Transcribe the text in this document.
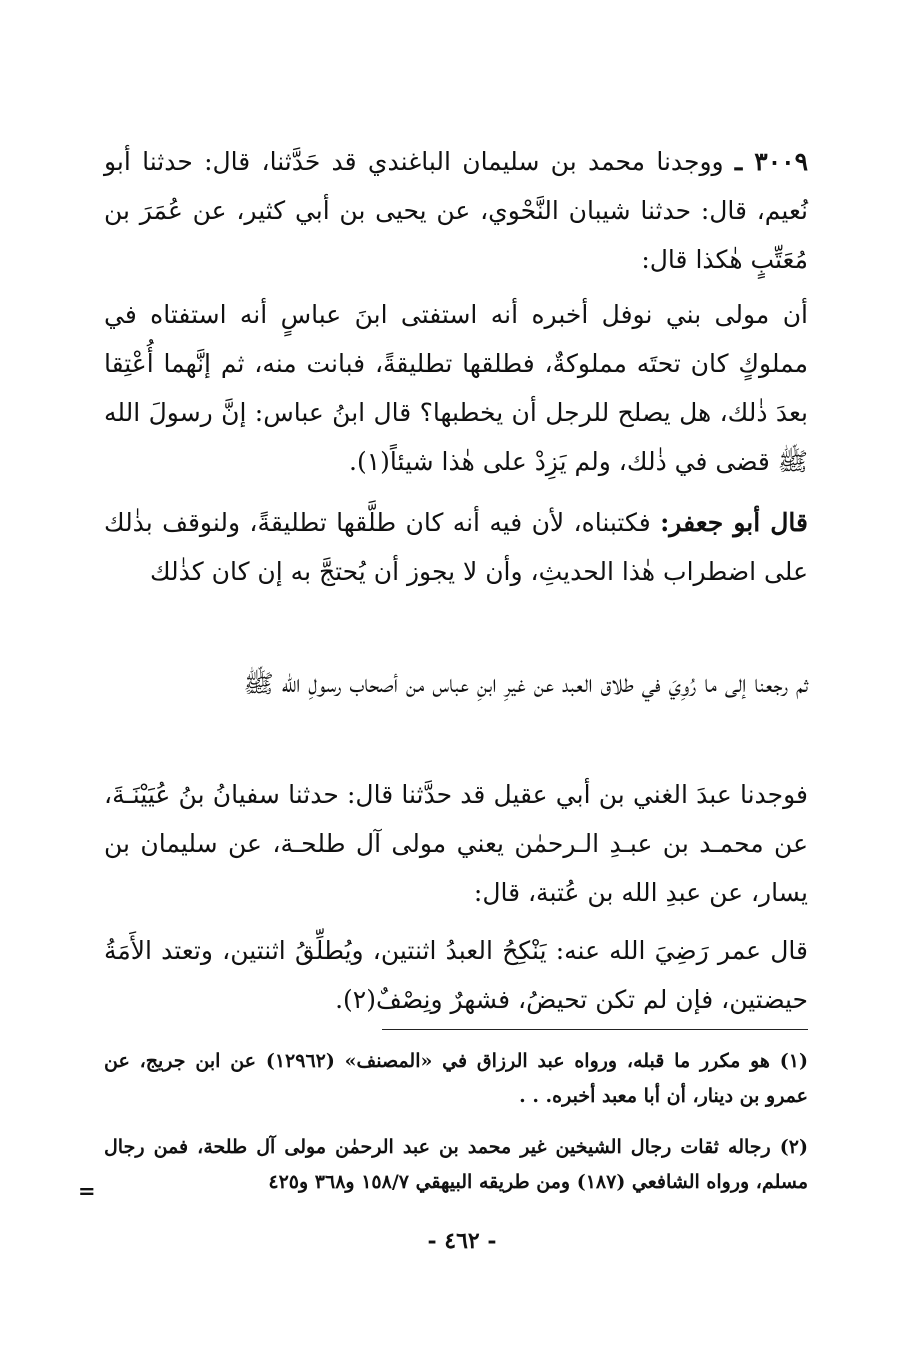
٣٠٠٩ ـ ووجدنا محمد بن سليمان الباغندي قد حَدَّثنا، قال: حدثنا أبو نُعيم، قال: حدثنا شيبان النَّحْوي، عن يحيى بن أبي كثير، عن عُمَرَ بن مُعَتِّبٍ هٰكذا قال:

أن مولى بني نوفل أخبره أنه استفتى ابنَ عباسٍ أنه استفتاه في مملوكٍ كان تحتَه مملوكةٌ، فطلقها تطليقةً، فبانت منه، ثم إنَّهما أُعْتِقا بعدَ ذٰلك، هل يصلح للرجل أن يخطبها؟ قال ابنُ عباس: إنَّ رسولَ الله ﷺ قضى في ذٰلك، ولم يَزِدْ على هٰذا شيئاً(١).

قال أبو جعفر: فكتبناه، لأن فيه أنه كان طلَّقها تطليقةً، ولنوقف بذٰلك على اضطراب هٰذا الحديثِ، وأن لا يجوز أن يُحتجَّ به إن كان كذٰلك

ثم رجعنا إلى ما رُوِيَ في طلاق العبد عن غيرِ ابنِ عباس من أصحاب رسولِ الله ﷺ

فوجدنا عبدَ الغني بن أبي عقيل قد حدَّثنا قال: حدثنا سفيانُ بنُ عُيَيْنَـةَ، عن محمـد بن عبـدِ الـرحمٰن يعني مولى آل طلحـة، عن سليمان بن يسار، عن عبدِ الله بن عُتبة، قال:

قال عمر رَضِيَ الله عنه: يَنْكِحُ العبدُ اثنتين، ويُطلِّقُ اثنتين، وتعتد الأَمَةُ حيضتين، فإن لم تكن تحيضُ، فشهرٌ ونِصْفٌ(٢).

(١) هو مكرر ما قبله، ورواه عبد الرزاق في «المصنف» (١٢٩٦٢) عن ابن جريج، عن عمرو بن دينار، أن أبا معبد أخبره. . .

(٢) رجاله ثقات رجال الشيخين غير محمد بن عبد الرحمٰن مولى آل طلحة، فمن رجال مسلم، ورواه الشافعي (١٨٧) ومن طريقه البيهقي ١٥٨/٧ و٣٦٨ و٤٢٥

=
- ٤٦٢ -
